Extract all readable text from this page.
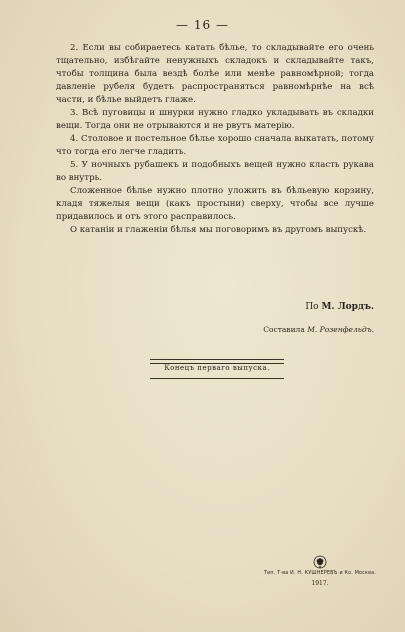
— 16 —

2. Если вы собираетесь катать бѣлье, то складывайте его очень тщательно, избѣгайте ненужныхъ складокъ и складывайте такъ, чтобы толщина была вездѣ болѣе или менѣе равномѣрной; тогда давленіе рубеля будетъ распространяться равномѣрнѣе на всѣ части, и бѣлье выйдетъ глаже.

3. Всѣ пуговицы и шнурки нужно гладко укладывать въ складки вещи. Тогда они не отрываются и не рвутъ матерію.

4. Столовое и постельное бѣлье хорошо сначала выкатать, потому что тогда его легче гладить.

5. У ночныхъ рубашекъ и подобныхъ вещей нужно класть рукава во внутрь.

Сложенное бѣлье нужно плотно уложить въ бѣльевую корзину, кладя тяжелыя вещи (какъ простыни) сверху, чтобы все лучше придавилось и отъ этого расправилось.

О катаніи и глаженіи бѣлья мы поговоримъ въ другомъ выпускѣ.

По М. Лордъ.
Составила М. Розенфельдъ.
Конецъ перваго выпуска.
Тип. Т-ва И. Н. КУШНЕРЕВЪ и Ко. Москва.
1917.
